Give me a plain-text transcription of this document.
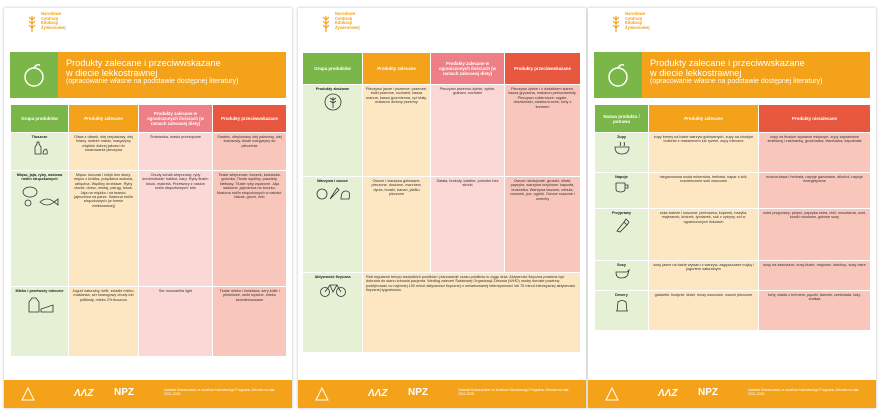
Narodowe
Centrum
Edukacji
Żywieniowej
Produkty zalecane i przeciwwskazane
w diecie lekkostrawnej
(opracowanie własne na podstawie dostępnej literatury)
Grupa produktów	Produkty zalecane	Produkty zalecane w ograniczonych ilościach (w ramach zalecanej diety)	Produkty przeciwwskazane
Tłuszcze	Oliwa z oliwek, olej rzepakowy, olej lniany, świeże masło, margaryny miękkie dobrej jakości do smarowania pieczywa	Śmietanka, masło przetopione	Smalec, zbrylowany olej palmowy, olej kokosowy, tłuste margaryny do pieczenia
Mięso, jaja, ryby, nasiona roślin strączkowych	Mięso: kurczak i indyk bez skóry, mięso z królika, polędwica wołowa, cielęcina. Wędliny drobiowe. Ryby chude: dorsz, mintaj, pstrąg, łosoś. Jaja na miękko i na twardo, jajecznica na parze. Nasiona roślin strączkowych (w formie zmiksowanej)	Chudy schab wieprzowy, ryby średniotłuste: halibut, karp. Ryby tłuste: łosoś, makrela. Przetwory z nasion roślin strączkowych: tofu	Tłuste wieprzowe: boczek, karkówka, golonka. Tłuste wędliny, pasztety, kiełbasy. Tłuste ryby wędzone. Jaja sadzone, jajecznica na boczku. Nasiona roślin strączkowych w całości: fasola, groch, bób
Mleko i przetwory mleczne	Jogurt naturalny, kefir, zsiadłe mleko, maślanka, ser twarogowy chudy lub półtłusty, mleko 2% tłuszczu	Ser mozzarella light	Tłuste mleko i śmietana, sery żółte i pleśniowe, serki topione, mleko skondensowane
ΛΛΖ NPZ	Zadanie finansowane ze środków Narodowego Programu Zdrowia na lata 2021-2025
Narodowe
Centrum
Edukacji
Żywieniowej
Grupa produktów	Produkty zalecane	Produkty zalecane w ograniczonych ilościach (w ramach zalecanej diety)	Produkty przeciwwskazane
Produkty zbożowe	Pieczywo jasne i pszenne: pszenne, bułki pszenne, sucharki, kasza manna, kasza jęczmienna, ryż biały, makaron drobny pszenny	Pieczywo pszenno-żytnie, żytnie, graham, sucharki	Pieczywo żytnie i z dodatkiem ziaren, kasza gryczana, makaron pełnoziarnisty. Pieczywo cukiernicze: rogale, drożdżówki, ciastka kruche, torty z kremem
Warzywa i owoce	Owoce i warzywa gotowane, pieczone, duszone, marchew, dynia, buraki, banan, jabłko pieczone	Sałata, brokuły, kalafior, pomidor bez skórki	Owoce niedojrzałe, gruszki, śliwki, papryka, warzywa krzyżowe: kapusta, brukselka. Warzywa kiszone, cebula, czosnek, por, ogórki. Owoce suszone i orzechy
Aktywność fizyczna	Rób regularne tempo wszystkich posiłków i planowanie czasu posiłków w ciągu dnia. Aktywność fizyczna powinna być dobrana do stanu zdrowia pacjenta. Według zaleceń Światowej Organizacji Zdrowia (WHO) osoby dorosłe powinny podejmować co najmniej 150 minut aktywności fizycznej o umiarkowanej intensywności lub 75 minut intensywnej aktywności fizycznej tygodniowo.		
ΛΛΖ NPZ	Zadanie finansowane ze środków Narodowego Programu Zdrowia na lata 2021-2025
Narodowe
Centrum
Edukacji
Żywieniowej
Produkty zalecane i przeciwwskazane
w diecie lekkostrawnej
(opracowanie własne na podstawie dostępnej literatury)
Nazwa produktu / potrawa	Produkty zalecane	Produkty niezalecane
Zupy	zupy kremy na bazie warzyw gotowanych, zupy na chudym bulionie z makaronem lub ryżem, zupy mleczne	zupy na tłustym wywarze mięsnym, zupy zaprawiane śmietaną i zasmażką, grochówka, fasolówka, kapuśniak
Napoje	niegazowana woda mineralna, herbata, napar z ziół, rozcieńczone soki owocowe	mocna kawa i herbata, napoje gazowane, alkohol, napoje energetyczne
Przyprawy	zioła świeże i suszone: pietruszka, koperek, bazylia, majeranek, kminek, tymianek, sok z cytryny, sól w ograniczonych ilościach	ostre przyprawy: pieprz, papryka ostra, chili, musztarda, ocet, kostki rosołowe, gotowe sosy
Sosy	sosy jasne na bazie wywaru z warzyw, zagęszczane mąką i jogurtem naturalnym	sosy na zasmażce, sosy tłuste, majonez, ketchup, sosy ostre
Desery	galaretki, budynie, kisiel, musy owocowe, owoce pieczone	torty, ciasta z kremem, pączki, faworki, czekolada, lody, chałwa
ΛΛΖ NPZ	Zadanie finansowane ze środków Narodowego Programu Zdrowia na lata 2021-2025
